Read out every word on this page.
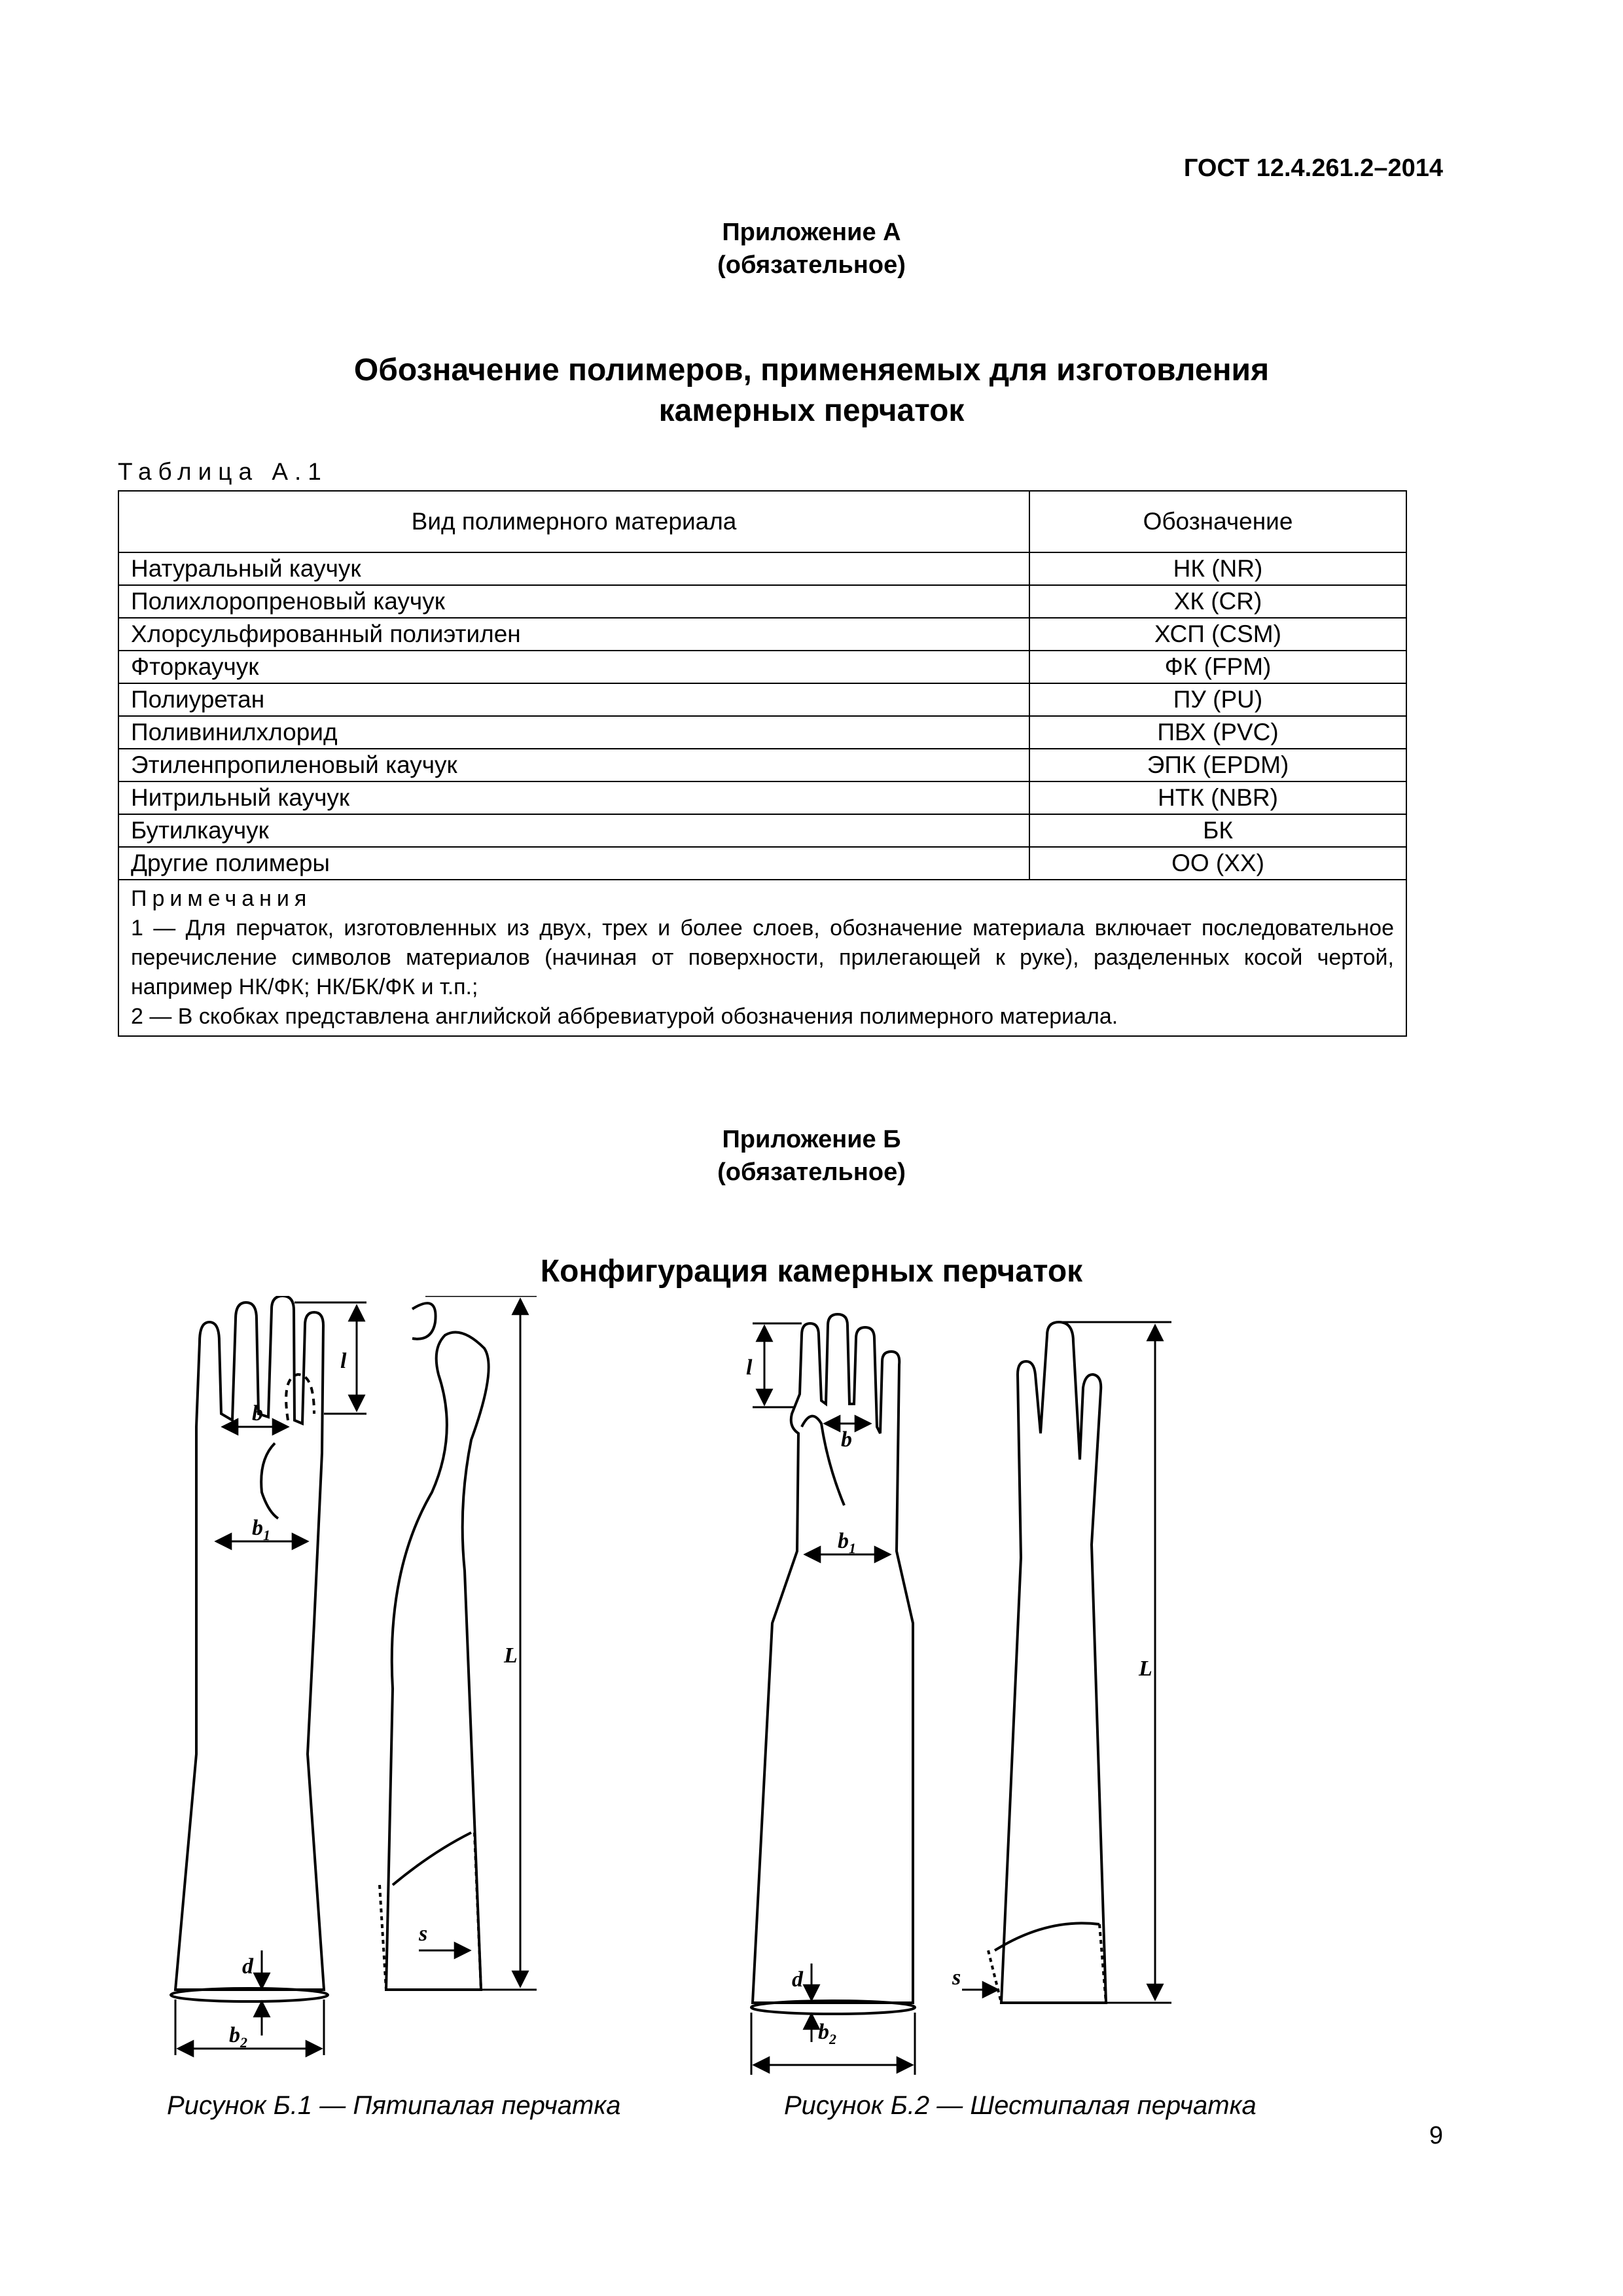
ГОСТ 12.4.261.2–2014
Приложение А
(обязательное)
Обозначение полимеров, применяемых для изготовления
камерных перчаток
Таблица А.1
Вид полимерного материала	Обозначение
Натуральный каучук	НК (NR)
Полихлоропреновый каучук	ХК (CR)
Хлорсульфированный полиэтилен	ХСП (CSM)
Фторкаучук	ФК (FPM)
Полиуретан	ПУ (PU)
Поливинилхлорид	ПВХ (PVC)
Этиленпропиленовый каучук	ЭПК (EPDM)
Нитрильный каучук	НТК (NBR)
Бутилкаучук	БК
Другие полимеры	ОО (ХХ)

Примечания
1 — Для перчаток, изготовленных из двух, трех и более слоев, обозначение материала включает последовательное перечисление символов материалов (начиная от поверхности, прилегающей к руке), разделенных косой чертой, например НК/ФК; НК/БК/ФК и т.п.;
2 — В скобках представлена английской аббревиатурой обозначения полимерного материала.	
Приложение Б
(обязательное)
Конфигурация камерных перчаток
l
b
$b_1$
L
d
s
$b_2$
l
b
$b_1$
L
d	s
$b_2$
Рисунок Б.1 — Пятипалая перчатка	Рисунок Б.2 — Шестипалая перчатка
9
